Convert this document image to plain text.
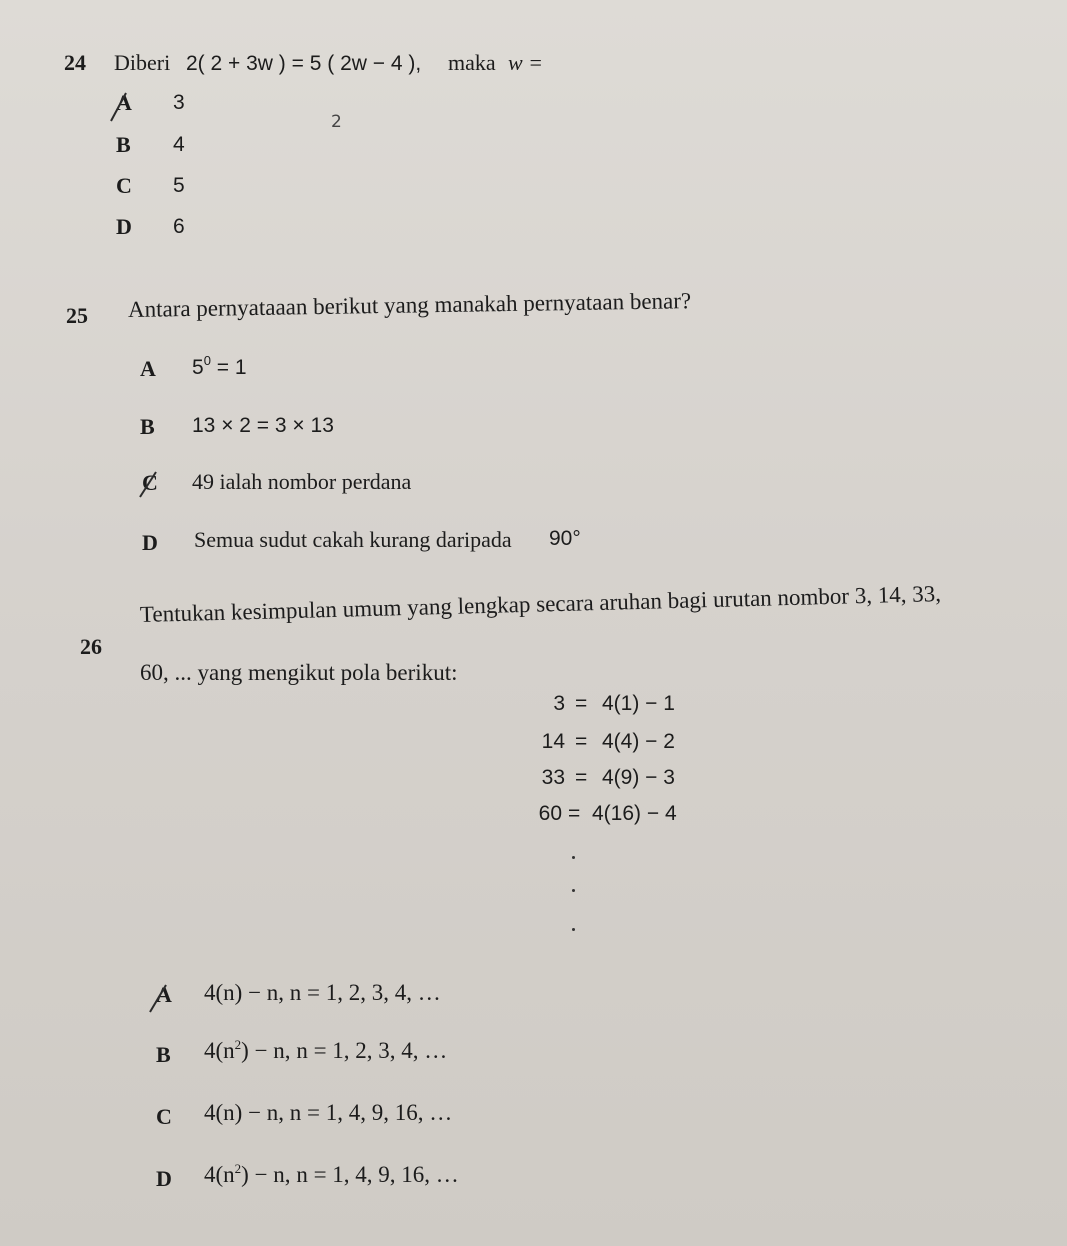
24 Diberi 2( 2 + 3w ) = 5 ( 2w − 4 ), maka w =
A 3
2
B 4
C 5
D 6
25 Antara pernyataaan berikut yang manakah pernyataan benar?
A $5^0 = 1$
B 13 × 2 = 3 × 13
C 49 ialah nombor perdana
D Semua sudut cakah kurang daripada 90°
26
Tentukan kesimpulan umum yang lengkap secara aruhan bagi urutan nombor 3, 14, 33,
60, ... yang mengikut pola berikut:
3 = 4(1) − 1
14 = 4(4) − 2
33 = 4(9) − 3
60 = 4(16) − 4
A 4(n) − n, n = 1, 2, 3, 4, …
B $4(n^2) - n$, n = 1, 2, 3, 4, …
C 4(n) − n, n = 1, 4, 9, 16, …
D $4(n^2) - n$, n = 1, 4, 9, 16, …
